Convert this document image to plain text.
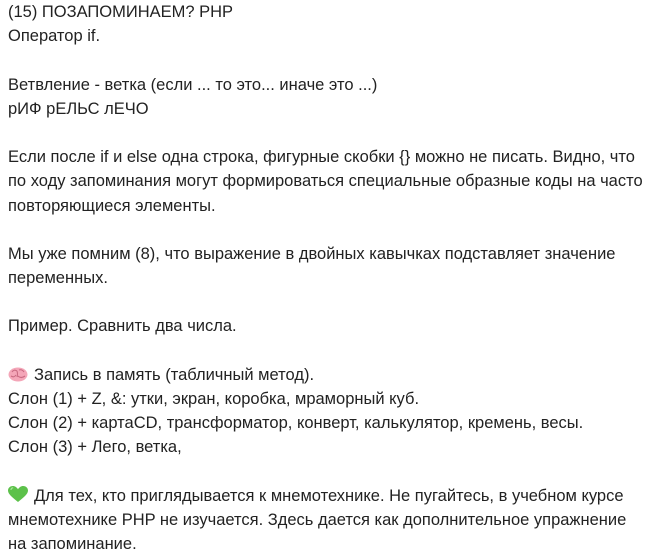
(15) ПОЗАПОМИНАЕМ? PHP
Оператор if.
Ветвление - ветка (если ... то это... иначе это ...)
рИФ рЕЛЬС лЕЧО
Если после if и else одна строка, фигурные скобки {} можно не писать. Видно, что
по ходу запоминания могут формироваться специальные образные коды на часто
повторяющиеся элементы.
Мы уже помним (8), что выражение в двойных кавычках подставляет значение
переменных.
Пример. Сравнить два числа.
Запись в память (табличный метод).
Слон (1) + Z, &: утки, экран, коробка, мраморный куб.
Слон (2) + картаCD, трансформатор, конверт, калькулятор, кремень, весы.
Слон (3) + Лего, ветка,
Для тех, кто приглядывается к мнемотехнике. Не пугайтесь, в учебном курсе
мнемотехнике PHP не изучается. Здесь дается как дополнительное упражнение
на запоминание.
